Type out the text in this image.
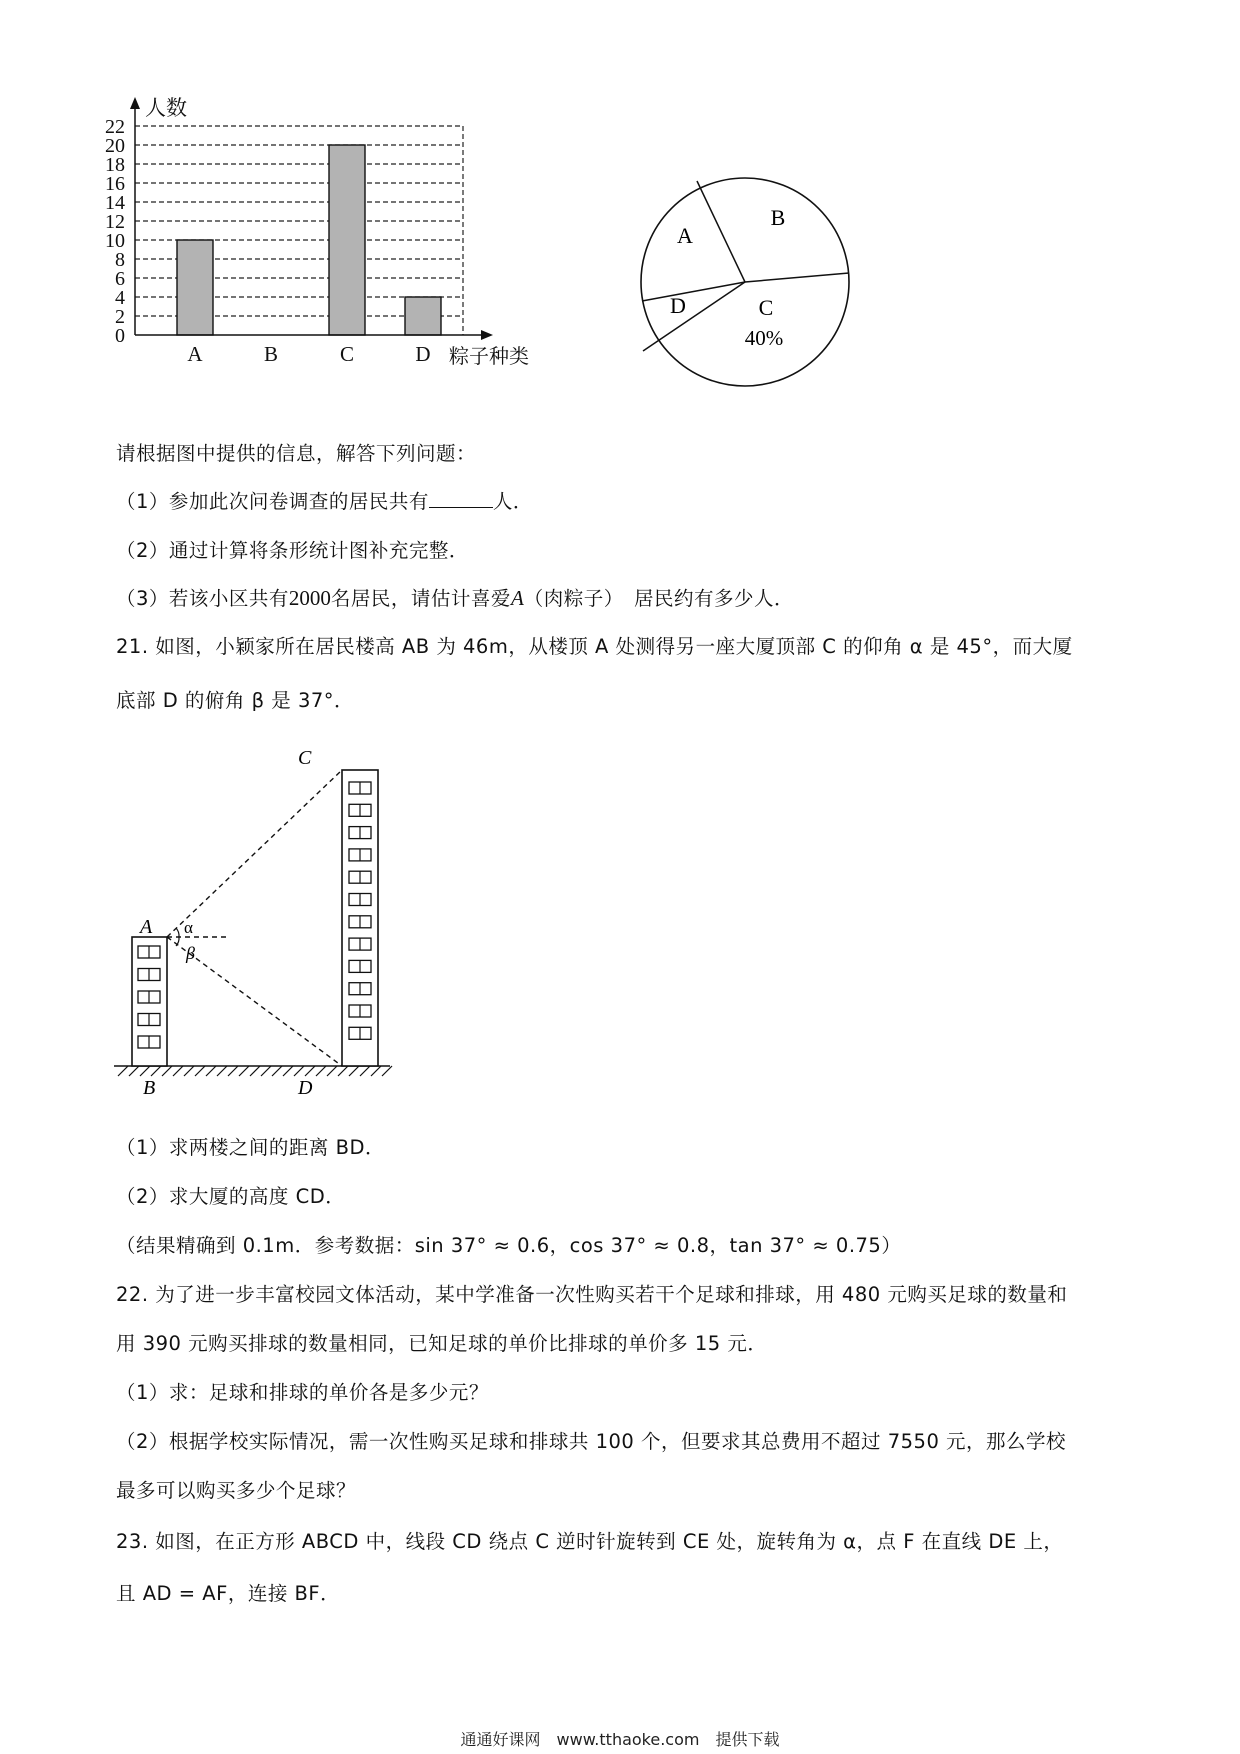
0
2
4
6
8
10
12
14
16
18
20
22
A	B	C	D
人数
粽子种类
A
B
C
40%
D
请根据图中提供的信息，解答下列问题：
（1）参加此次问卷调查的居民共有	人．
（2）通过计算将条形统计图补充完整．
（3）若该小区共有2000名居民，请估计喜爱A（肉粽子）　居民约有多少人．
21. 如图，小颖家所在居民楼高 AB 为 46m，从楼顶 A 处测得另一座大厦顶部 C 的仰角 α 是 45°，而大厦
底部 D 的俯角 β 是 37°．
A α
β
B
C
D
（1）求两楼之间的距离 BD．
（2）求大厦的高度 CD．
（结果精确到 0.1m．参考数据：sin 37° ≈ 0.6，cos 37° ≈ 0.8，tan 37° ≈ 0.75）
22. 为了进一步丰富校园文体活动，某中学准备一次性购买若干个足球和排球，用 480 元购买足球的数量和
用 390 元购买排球的数量相同，已知足球的单价比排球的单价多 15 元．
（1）求：足球和排球的单价各是多少元？
（2）根据学校实际情况，需一次性购买足球和排球共 100 个，但要求其总费用不超过 7550 元，那么学校
最多可以购买多少个足球？
23. 如图，在正方形 ABCD 中，线段 CD 绕点 C 逆时针旋转到 CE 处，旋转角为 α，点 F 在直线 DE 上，
且 AD = AF，连接 BF．
通通好课网　www.tthaoke.com　提供下载
